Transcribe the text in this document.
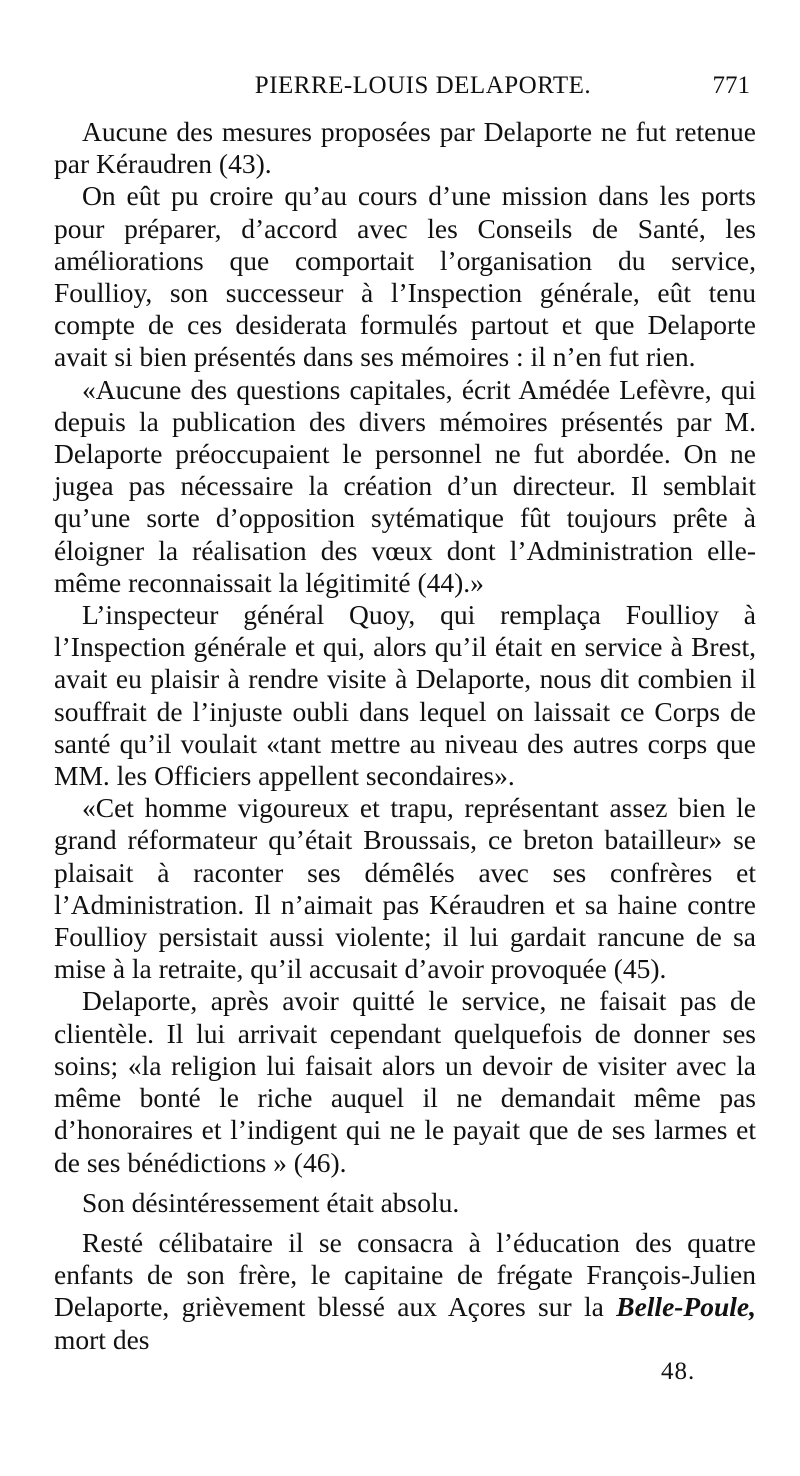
PIERRE-LOUIS DELAPORTE.	771

Aucune des mesures proposées par Delaporte ne fut retenue par Kéraudren (43).

On eût pu croire qu’au cours d’une mission dans les ports pour préparer, d’accord avec les Conseils de Santé, les améliorations que comportait l’organisation du service, Foullioy, son successeur à l’Inspection générale, eût tenu compte de ces desiderata formulés partout et que Delaporte avait si bien présentés dans ses mémoires : il n’en fut rien.

«Aucune des questions capitales, écrit Amédée Lefèvre, qui depuis la publication des divers mémoires présentés par M. Delaporte préoccupaient le personnel ne fut abordée. On ne jugea pas nécessaire la création d’un directeur. Il semblait qu’une sorte d’opposition sytématique fût toujours prête à éloigner la réalisation des vœux dont l’Administration elle-même reconnaissait la légitimité (44).»

L’inspecteur général Quoy, qui remplaça Foullioy à l’Inspection générale et qui, alors qu’il était en service à Brest, avait eu plaisir à rendre visite à Delaporte, nous dit combien il souffrait de l’injuste oubli dans lequel on laissait ce Corps de santé qu’il voulait «tant mettre au niveau des autres corps que MM. les Officiers appellent secondaires».

«Cet homme vigoureux et trapu, représentant assez bien le grand réformateur qu’était Broussais, ce breton batailleur» se plaisait à raconter ses démêlés avec ses confrères et l’Administration. Il n’aimait pas Kéraudren et sa haine contre Foullioy persistait aussi violente; il lui gardait rancune de sa mise à la retraite, qu’il accusait d’avoir provoquée (45).

Delaporte, après avoir quitté le service, ne faisait pas de clientèle. Il lui arrivait cependant quelquefois de donner ses soins; «la religion lui faisait alors un devoir de visiter avec la même bonté le riche auquel il ne demandait même pas d’honoraires et l’indigent qui ne le payait que de ses larmes et de ses bénédictions » (46).

Son désintéressement était absolu.

Resté célibataire il se consacra à l’éducation des quatre enfants de son frère, le capitaine de frégate François-Julien Delaporte, grièvement blessé aux Açores sur la Belle-Poule, mort des

48.
